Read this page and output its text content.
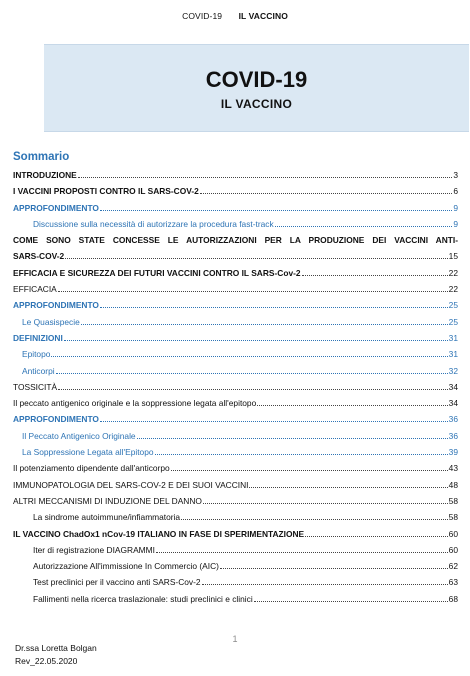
COVID-19 IL VACCINO
COVID-19
IL VACCINO
Sommario
INTRODUZIONE	3
I VACCINI PROPOSTI CONTRO IL SARS-COV-2	6
APPROFONDIMENTO	9
Discussione sulla necessità di autorizzare la procedura fast-track	9
COME SONO STATE CONCESSE LE AUTORIZZAZIONI PER LA PRODUZIONE DEI VACCINI ANTI-
SARS-COV-2	15
EFFICACIA E SICUREZZA DEI FUTURI VACCINI CONTRO IL SARS-Cov-2	22
EFFICACIA	22
APPROFONDIMENTO	25
Le Quasispecie	25
DEFINIZIONI	31
Epitopo	31
Anticorpi	32
TOSSICITÀ	34
Il peccato antigenico originale e la soppressione legata all'epitopo	34
APPROFONDIMENTO	36
Il Peccato Antigenico Originale	36
La Soppressione Legata all'Epitopo	39
Il potenziamento dipendente dall'anticorpo	43
IMMUNOPATOLOGIA DEL SARS-COV-2 E DEI SUOI VACCINI	48
ALTRI MECCANISMI DI INDUZIONE DEL DANNO	58
La sindrome autoimmune/infiammatoria	58
IL VACCINO ChadOx1 nCov-19 ITALIANO IN FASE DI SPERIMENTAZIONE	60
Iter di registrazione DIAGRAMMI	60
Autorizzazione All'immissione In Commercio (AIC)	62
Test preclinici per il vaccino anti SARS-Cov-2	63
Fallimenti nella ricerca traslazionale: studi preclinici e clinici	68
1
Dr.ssa Loretta Bolgan
Rev_22.05.2020
